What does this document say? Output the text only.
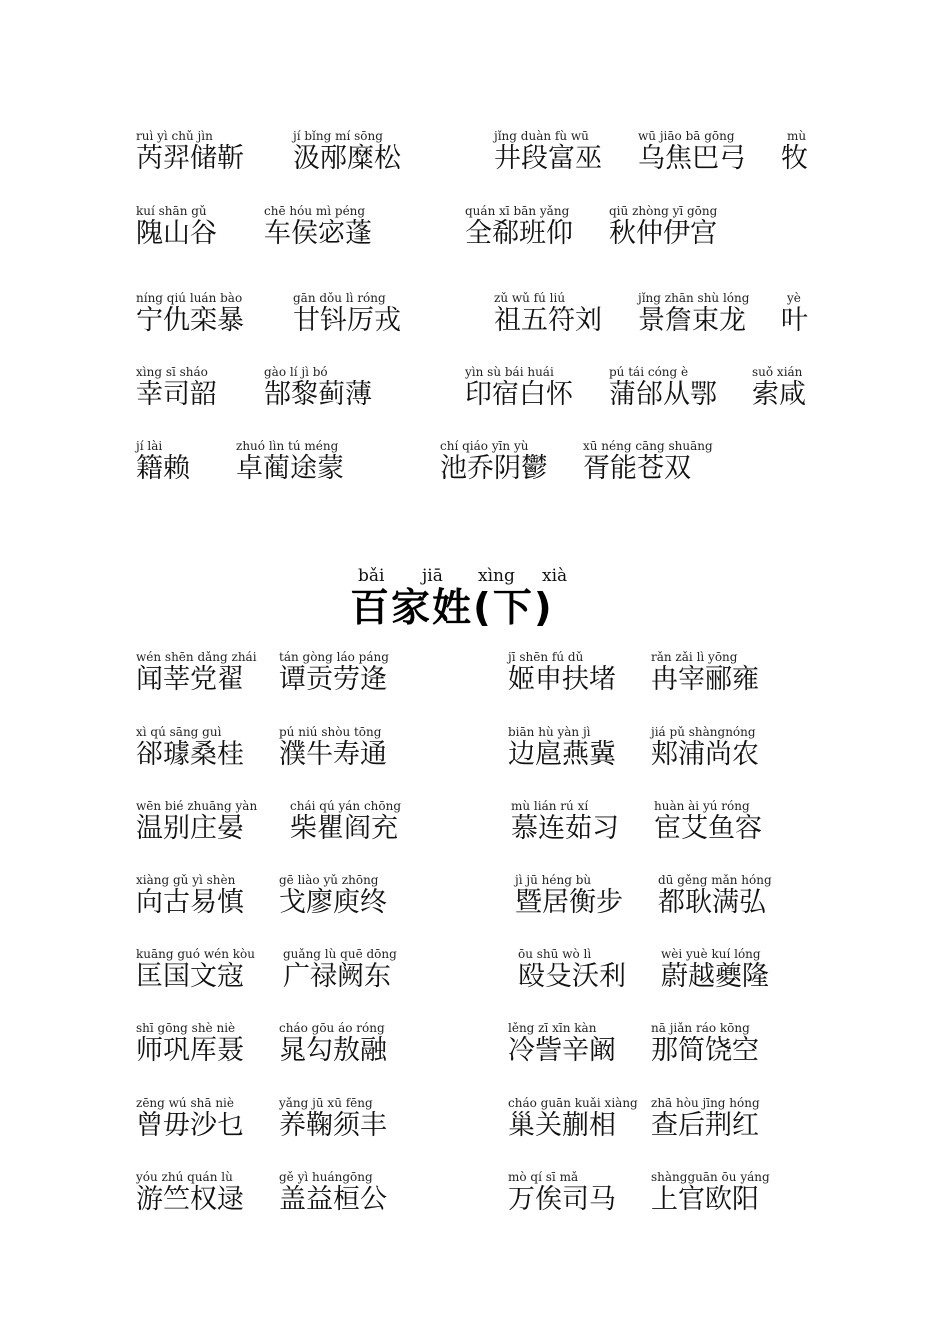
ruì yì chǔ jìn
芮羿储靳
jí bǐng mí sōng
汲邴糜松
jǐng duàn fù wū
井段富巫
wū jiāo bā gōng
乌焦巴弓
mù
牧
kuí shān gǔ
隗山谷
chē hóu mì péng
车侯宓蓬
quán xī bān yǎng
全郗班仰
qiū zhòng yī gōng
秋仲伊宫
níng qiú luán bào
宁仇栾暴
gān dǒu lì róng
甘钭厉戎
zǔ wǔ fú liú
祖五符刘
jǐng zhān shù lóng
景詹束龙
yè
叶
xìng sī sháo
幸司韶
gào lí jì bó
郜黎蓟薄
yìn sù bái huái
印宿白怀
pú tái cóng è
蒲邰从鄂
suǒ xián
索咸
jí lài
籍赖
zhuó lìn tú méng
卓蔺途蒙
chí qiáo yīn yù
池乔阴鬱
xū néng cāng shuāng
胥能苍双
bǎi jiā xìng xià
百家姓(下)
wén shēn dǎng zhái
闻莘党翟
tán gòng láo páng
谭贡劳逄
jī shēn fú dǔ
姬申扶堵
rǎn zǎi lì yōng
冉宰郦雍
xì qú sāng guì
郤璩桑桂
pú niú shòu tōng
濮牛寿通
biān hù yàn jì
边扈燕冀
jiá pǔ shàngnóng
郏浦尚农
wēn bié zhuāng yàn
温别庄晏
chái qú yán chōng
柴瞿阎充
mù lián rú xí
慕连茹习
huàn ài yú róng
宦艾鱼容
xiàng gǔ yì shèn
向古易慎
gē liào yǔ zhōng
戈廖庾终
jì jū héng bù
暨居衡步
dū gěng mǎn hóng
都耿满弘
kuāng guó wén kòu
匡国文寇
guǎng lù quē dōng
广禄阙东
ōu shū wò lì
殴殳沃利
wèi yuè kuí lóng
蔚越夔隆
shī gōng shè niè
师巩厍聂
cháo gōu áo róng
晁勾敖融
lěng zī xīn kàn
冷訾辛阚
nā jiǎn ráo kōng
那简饶空
zēng wú shā niè
曾毋沙乜
yǎng jū xū fēng
养鞠须丰
cháo guān kuǎi xiàng
巢关蒯相
zhā hòu jīng hóng
查后荆红
yóu zhú quán lù
游竺权逯
gě yì huángōng
盖益桓公
mò qí sī mǎ
万俟司马
shàngguān ōu yáng
上官欧阳
